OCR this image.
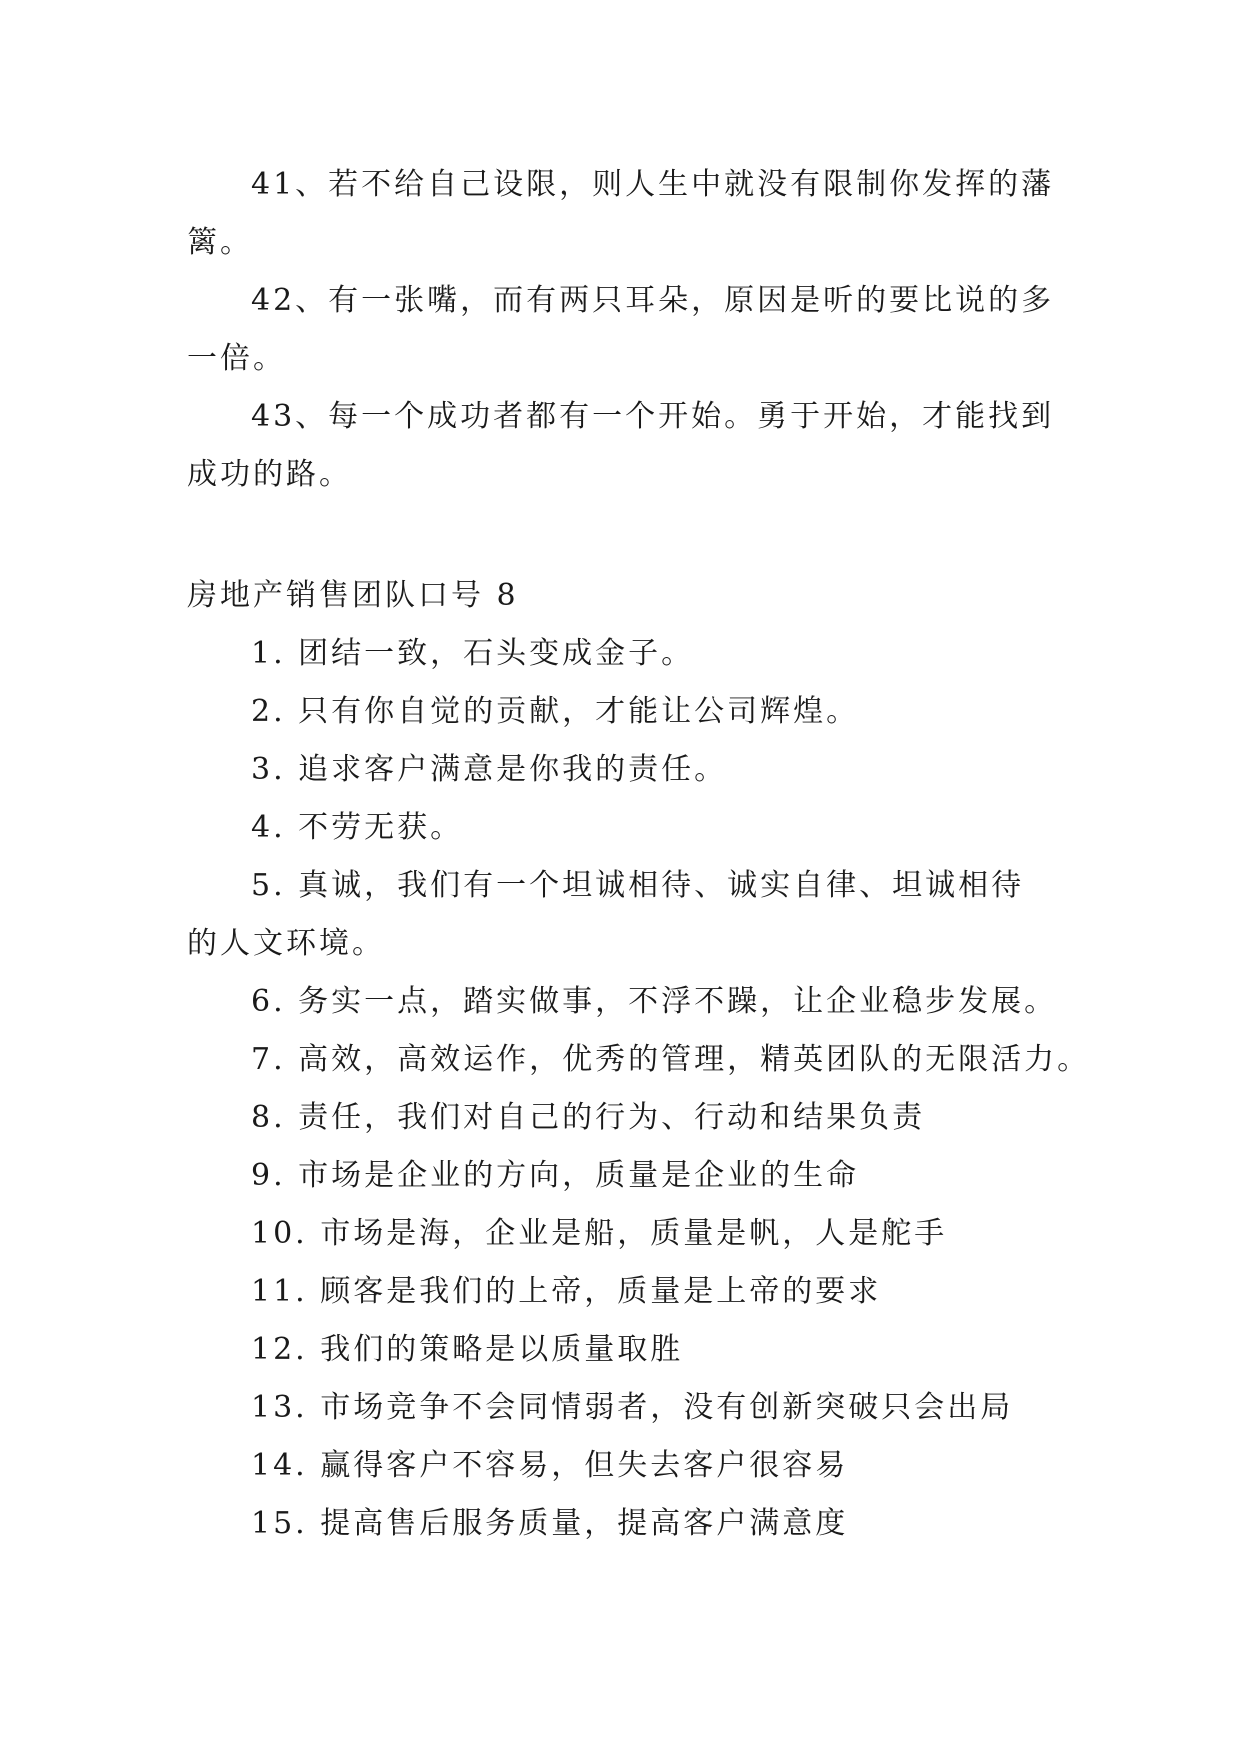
41、若不给自己设限，则人生中就没有限制你发挥的藩篱。

42、有一张嘴，而有两只耳朵，原因是听的要比说的多一倍。

43、每一个成功者都有一个开始。勇于开始，才能找到成功的路。

房地产销售团队口号 8

1. 团结一致，石头变成金子。

2. 只有你自觉的贡献，才能让公司辉煌。

3. 追求客户满意是你我的责任。

4. 不劳无获。

5. 真诚，我们有一个坦诚相待、诚实自律、坦诚相待的人文环境。

6. 务实一点，踏实做事，不浮不躁，让企业稳步发展。

7. 高效，高效运作，优秀的管理，精英团队的无限活力。

8. 责任，我们对自己的行为、行动和结果负责

9. 市场是企业的方向，质量是企业的生命

10. 市场是海，企业是船，质量是帆，人是舵手

11. 顾客是我们的上帝，质量是上帝的要求

12. 我们的策略是以质量取胜

13. 市场竞争不会同情弱者，没有创新突破只会出局

14. 赢得客户不容易，但失去客户很容易

15. 提高售后服务质量，提高客户满意度
